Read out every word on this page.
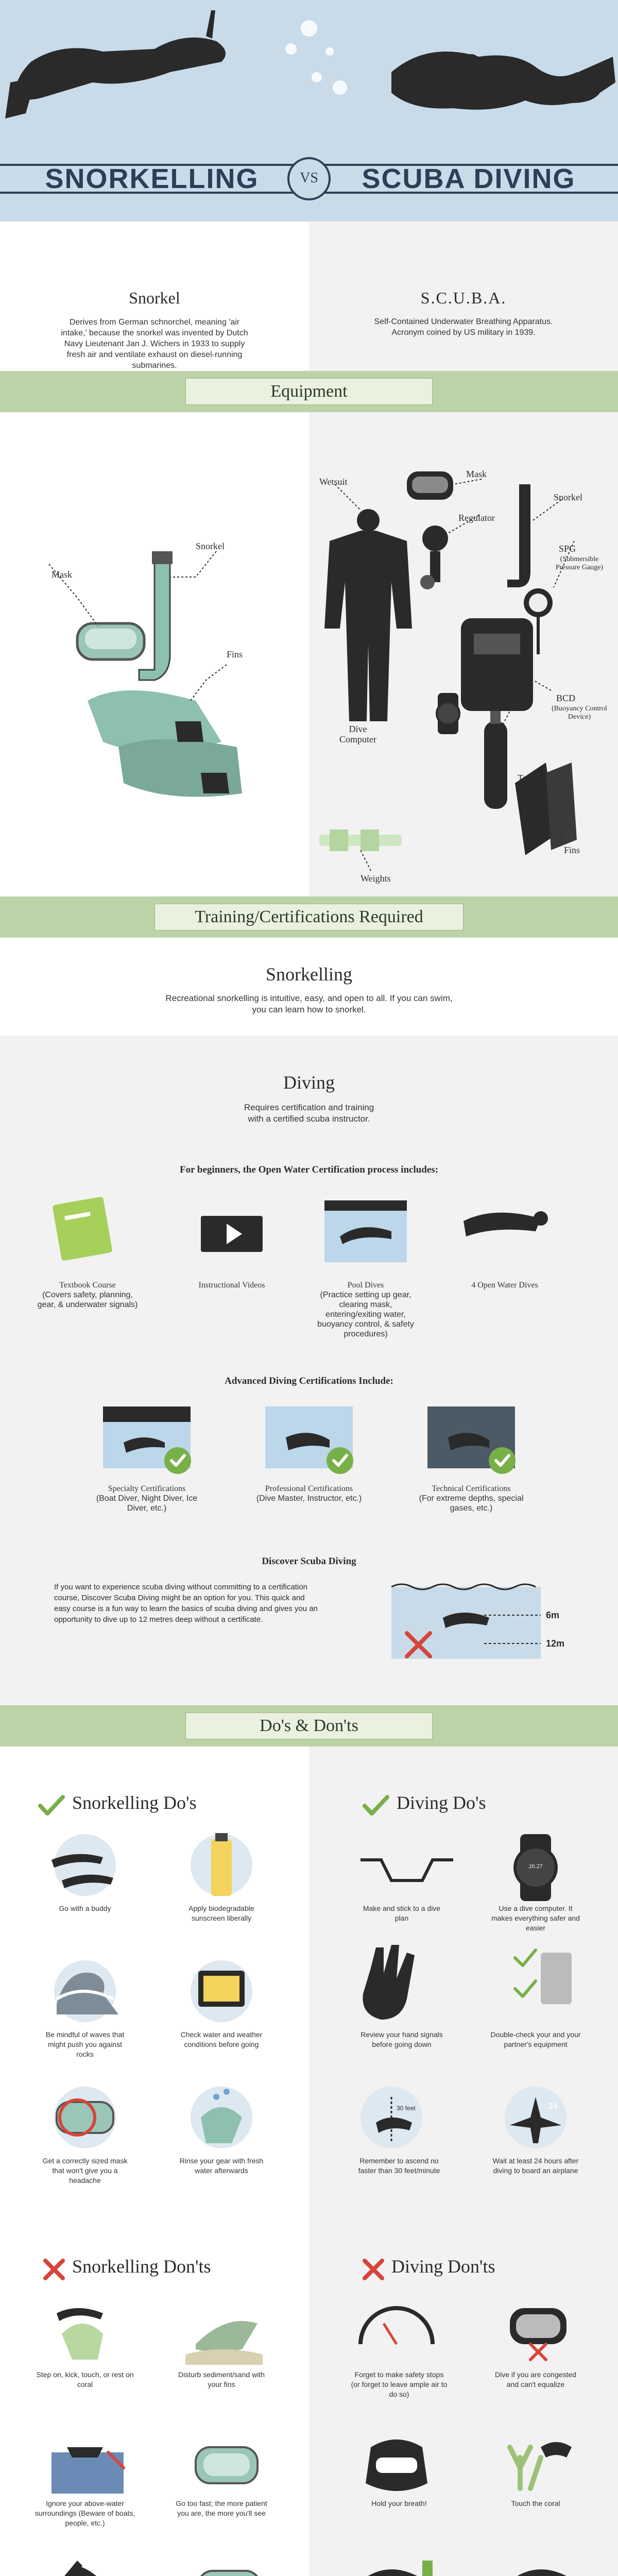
SNORKELLING	VS	SCUBA DIVING
Snorkel
Derives from German schnorchel, meaning 'air intake,' because the snorkel was invented by Dutch Navy Lieutenant Jan J. Wichers in 1933 to supply fresh air and ventilate exhaust on diesel-running submarines.
S.C.U.B.A.
Self-Contained Underwater Breathing Apparatus.
Acronym coined by US military in 1939.
Equipment
Mask
Snorkel
Fins
Wetsuit
Mask
Regulator
Snorkel
SPG
(Submersible Pressure Gauge)
Dive
Computer
Tank
BCD
(Buoyancy Control Device)
Fins
Weights
Training/Certifications Required
Snorkelling
Recreational snorkelling is intuitive, easy, and open to all. If you can swim,
you can learn how to snorkel.
Diving
Requires certification and training
with a certified scuba instructor.
For beginners, the Open Water Certification process includes:
Textbook Course
(Covers safety, planning, gear, & underwater signals)
Instructional Videos	Pool Dives
(Practice setting up gear, clearing mask, entering/exiting water, buoyancy control, & safety procedures)
4 Open Water Dives
Advanced Diving Certifications Include:
Specialty Certifications
(Boat Diver, Night Diver, Ice Diver, etc.)
Professional Certifications
(Dive Master, Instructor, etc.)
Technical Certifications
(For extreme depths, special gases, etc.)
Discover Scuba Diving
If you want to experience scuba diving without committing to a certification course, Discover Scuba Diving might be an option for you. This quick and easy course is a fun way to learn the basics of scuba diving and gives you an opportunity to dive up to 12 metres deep without a certificate.	6m
12m
Do's & Don'ts
Snorkelling Do's	Diving Do's
20.27
30 feet	24
Go with a buddy	Apply biodegradable sunscreen liberally
Be mindful of waves that might push you against rocks
Check water and weather conditions before going
Get a correctly sized mask that won't give you a headache
Rinse your gear with fresh water afterwards
Make and stick to a dive plan
Use a dive computer. It makes everything safer and easier
Review your hand signals before going down
Double-check your and your partner's equipment
Remember to ascend no faster than 30 feet/minute
Wait at least 24 hours after diving to board an airplane
Snorkelling Don'ts	Diving Don'ts
Step on, kick, touch, or rest on coral
Disturb sediment/sand with your fins
Ignore your above-water surroundings (Beware of boats, people, etc.)
Go too fast; the more patient you are, the more you'll see
Forget to make safety stops (or forget to leave ample air to do so)
Dive if you are congested and can't equalize
Hold your breath!	Touch the coral
